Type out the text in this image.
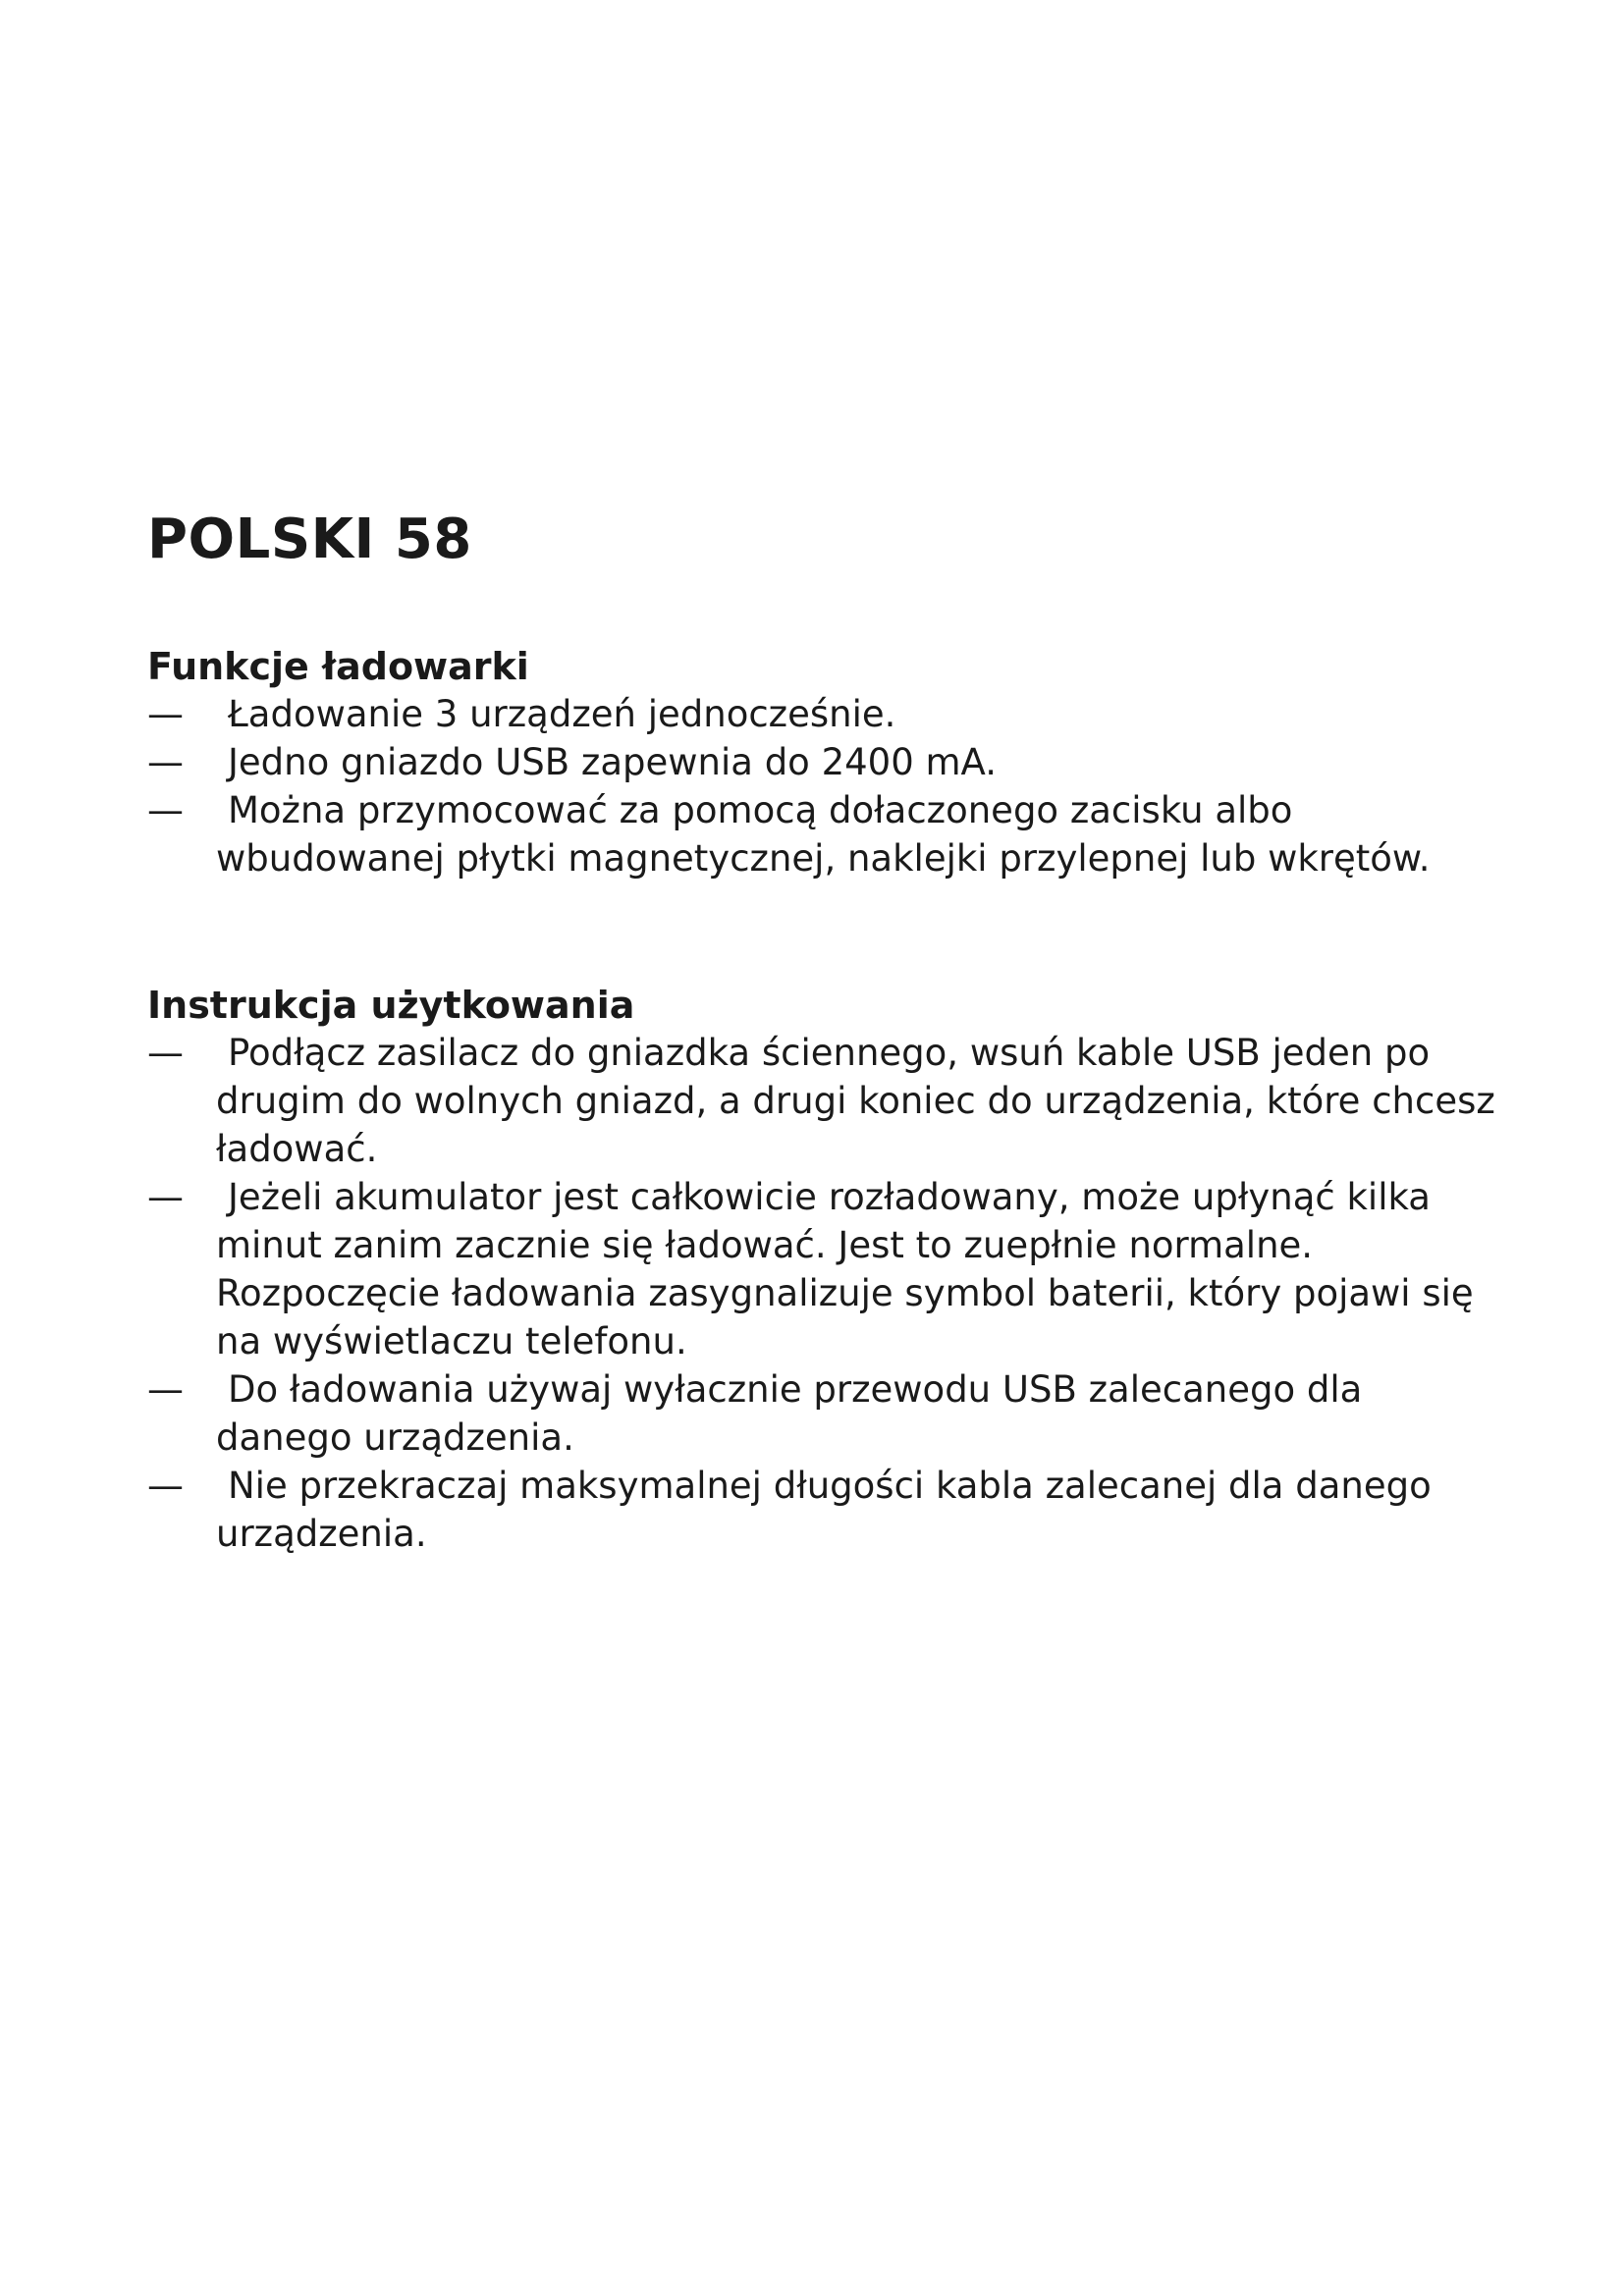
POLSKI 58
Funkcje ładowarki
—	Ładowanie 3 urządzeń jednocześnie.
—	Jedno gniazdo USB zapewnia do 2400 mA.
—	Można przymocować za pomocą dołaczonego zacisku albo wbudowanej płytki magnetycznej, naklejki przylepnej lub wkrętów.
Instrukcja użytkowania
—	Podłącz zasilacz do gniazdka ściennego, wsuń kable USB jeden po drugim do wolnych gniazd, a drugi koniec do urządzenia, które chcesz ładować.
—	Jeżeli akumulator jest całkowicie rozładowany, może upłynąć kilka minut zanim zacznie się ładować. Jest to zuepłnie normalne. Rozpoczęcie ładowania zasygnalizuje symbol baterii, który pojawi się na wyświetlaczu telefonu.
—	Do ładowania używaj wyłacznie przewodu USB zalecanego dla danego urządzenia.
—	Nie przekraczaj maksymalnej długości kabla zalecanej dla danego urządzenia.
